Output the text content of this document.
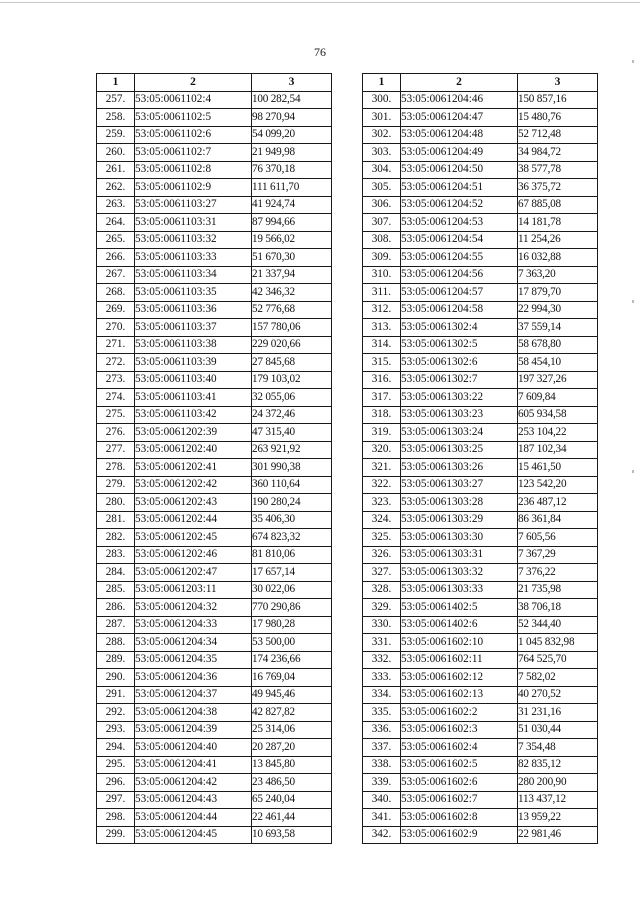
76
1	2	3
257.	53:05:0061102:4	100 282,54
258.	53:05:0061102:5	98 270,94
259.	53:05:0061102:6	54 099,20
260.	53:05:0061102:7	21 949,98
261.	53:05:0061102:8	76 370,18
262.	53:05:0061102:9	111 611,70
263.	53:05:0061103:27	41 924,74
264.	53:05:0061103:31	87 994,66
265.	53:05:0061103:32	19 566,02
266.	53:05:0061103:33	51 670,30
267.	53:05:0061103:34	21 337,94
268.	53:05:0061103:35	42 346,32
269.	53:05:0061103:36	52 776,68
270.	53:05:0061103:37	157 780,06
271.	53:05:0061103:38	229 020,66
272.	53:05:0061103:39	27 845,68
273.	53:05:0061103:40	179 103,02
274.	53:05:0061103:41	32 055,06
275.	53:05:0061103:42	24 372,46
276.	53:05:0061202:39	47 315,40
277.	53:05:0061202:40	263 921,92
278.	53:05:0061202:41	301 990,38
279.	53:05:0061202:42	360 110,64
280.	53:05:0061202:43	190 280,24
281.	53:05:0061202:44	35 406,30
282.	53:05:0061202:45	674 823,32
283.	53:05:0061202:46	81 810,06
284.	53:05:0061202:47	17 657,14
285.	53:05:0061203:11	30 022,06
286.	53:05:0061204:32	770 290,86
287.	53:05:0061204:33	17 980,28
288.	53:05:0061204:34	53 500,00
289.	53:05:0061204:35	174 236,66
290.	53:05:0061204:36	16 769,04
291.	53:05:0061204:37	49 945,46
292.	53:05:0061204:38	42 827,82
293.	53:05:0061204:39	25 314,06
294.	53:05:0061204:40	20 287,20
295.	53:05:0061204:41	13 845,80
296.	53:05:0061204:42	23 486,50
297.	53:05:0061204:43	65 240,04
298.	53:05:0061204:44	22 461,44
299.	53:05:0061204:45	10 693,58
1	2	3
300.	53:05:0061204:46	150 857,16
301.	53:05:0061204:47	15 480,76
302.	53:05:0061204:48	52 712,48
303.	53:05:0061204:49	34 984,72
304.	53:05:0061204:50	38 577,78
305.	53:05:0061204:51	36 375,72
306.	53:05:0061204:52	67 885,08
307.	53:05:0061204:53	14 181,78
308.	53:05:0061204:54	11 254,26
309.	53:05:0061204:55	16 032,88
310.	53:05:0061204:56	7 363,20
311.	53:05:0061204:57	17 879,70
312.	53:05:0061204:58	22 994,30
313.	53:05:0061302:4	37 559,14
314.	53:05:0061302:5	58 678,80
315.	53:05:0061302:6	58 454,10
316.	53:05:0061302:7	197 327,26
317.	53:05:0061303:22	7 609,84
318.	53:05:0061303:23	605 934,58
319.	53:05:0061303:24	253 104,22
320.	53:05:0061303:25	187 102,34
321.	53:05:0061303:26	15 461,50
322.	53:05:0061303:27	123 542,20
323.	53:05:0061303:28	236 487,12
324.	53:05:0061303:29	86 361,84
325.	53:05:0061303:30	7 605,56
326.	53:05:0061303:31	7 367,29
327.	53:05:0061303:32	7 376,22
328.	53:05:0061303:33	21 735,98
329.	53:05:0061402:5	38 706,18
330.	53:05:0061402:6	52 344,40
331.	53:05:0061602:10	1 045 832,98
332.	53:05:0061602:11	764 525,70
333.	53:05:0061602:12	7 582,02
334.	53:05:0061602:13	40 270,52
335.	53:05:0061602:2	31 231,16
336.	53:05:0061602:3	51 030,44
337.	53:05:0061602:4	7 354,48
338.	53:05:0061602:5	82 835,12
339.	53:05:0061602:6	280 200,90
340.	53:05:0061602:7	113 437,12
341.	53:05:0061602:8	13 959,22
342.	53:05:0061602:9	22 981,46
